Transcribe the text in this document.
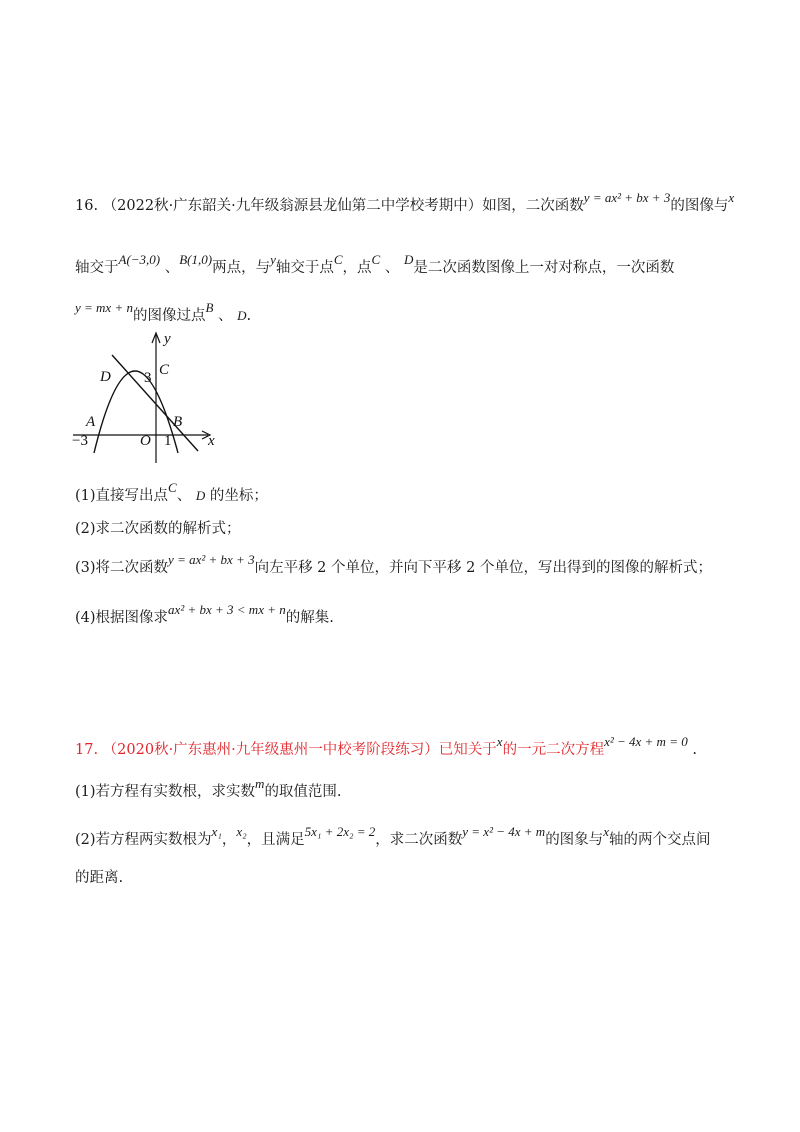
16. （2022秋·广东韶关·九年级翁源县龙仙第二中学校考期中）如图，二次函数y = ax² + bx + 3的图像与x
轴交于A(−3,0) 、B(1,0)两点，与y轴交于点C，点C 、 D是二次函数图像上一对对称点，一次函数
y = mx + n的图像过点B 、 D.
y
x
D	C
3
A	B
−3	O 1
(1)直接写出点C、 D 的坐标；
(2)求二次函数的解析式；
(3)将二次函数y = ax² + bx + 3向左平移 2 个单位，并向下平移 2 个单位，写出得到的图像的解析式；
(4)根据图像求ax² + bx + 3 < mx + n的解集.
17. （2020秋·广东惠州·九年级惠州一中校考阶段练习）已知关于x的一元二次方程x² − 4x + m = 0 .
(1)若方程有实数根，求实数m的取值范围.
(2)若方程两实数根为x₁，x₂，且满足5x₁ + 2x₂ = 2，求二次函数y = x² − 4x + m的图象与x轴的两个交点间
的距离.
